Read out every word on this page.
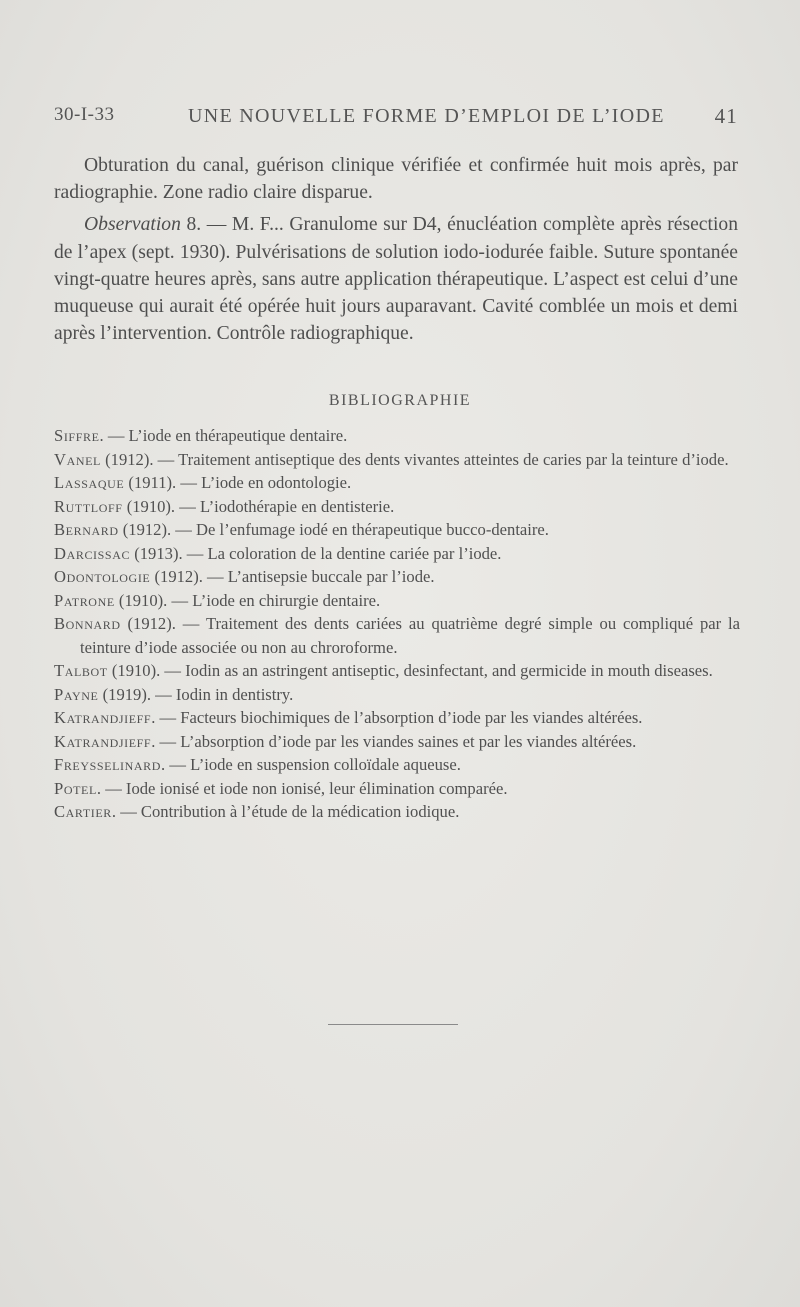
30-I-33	UNE NOUVELLE FORME D’EMPLOI DE L’IODE 41

Obturation du canal, guérison clinique vérifiée et confirmée huit mois après, par radiographie. Zone radio claire disparue.

Observation 8. — M. F... Granulome sur D4, énucléation complète après résection de l’apex (sept. 1930). Pulvérisations de solution iodo-iodurée faible. Suture spontanée vingt-quatre heures après, sans autre application thérapeutique. L’aspect est celui d’une muqueuse qui aurait été opérée huit jours auparavant. Cavité comblée un mois et demi après l’intervention. Contrôle radiographique.

BIBLIOGRAPHIE
Siffre. — L’iode en thérapeutique dentaire.
Vanel (1912). — Traitement antiseptique des dents vivantes atteintes de caries par la teinture d’iode.
Lassaque (1911). — L’iode en odontologie.
Ruttloff (1910). — L’iodothérapie en dentisterie.
Bernard (1912). — De l’enfumage iodé en thérapeutique bucco-dentaire.
Darcissac (1913). — La coloration de la dentine cariée par l’iode.
Odontologie (1912). — L’antisepsie buccale par l’iode.
Patrone (1910). — L’iode en chirurgie dentaire.
Bonnard (1912). — Traitement des dents cariées au quatrième degré simple ou compliqué par la teinture d’iode associée ou non au chroroforme.
Talbot (1910). — Iodin as an astringent antiseptic, desinfectant, and germicide in mouth diseases.
Payne (1919). — Iodin in dentistry.
Katrandjieff. — Facteurs biochimiques de l’absorption d’iode par les viandes altérées.
Katrandjieff. — L’absorption d’iode par les viandes saines et par les viandes altérées.
Freysselinard. — L’iode en suspension colloïdale aqueuse.
Potel. — Iode ionisé et iode non ionisé, leur élimination comparée.
Cartier. — Contribution à l’étude de la médication iodique.
